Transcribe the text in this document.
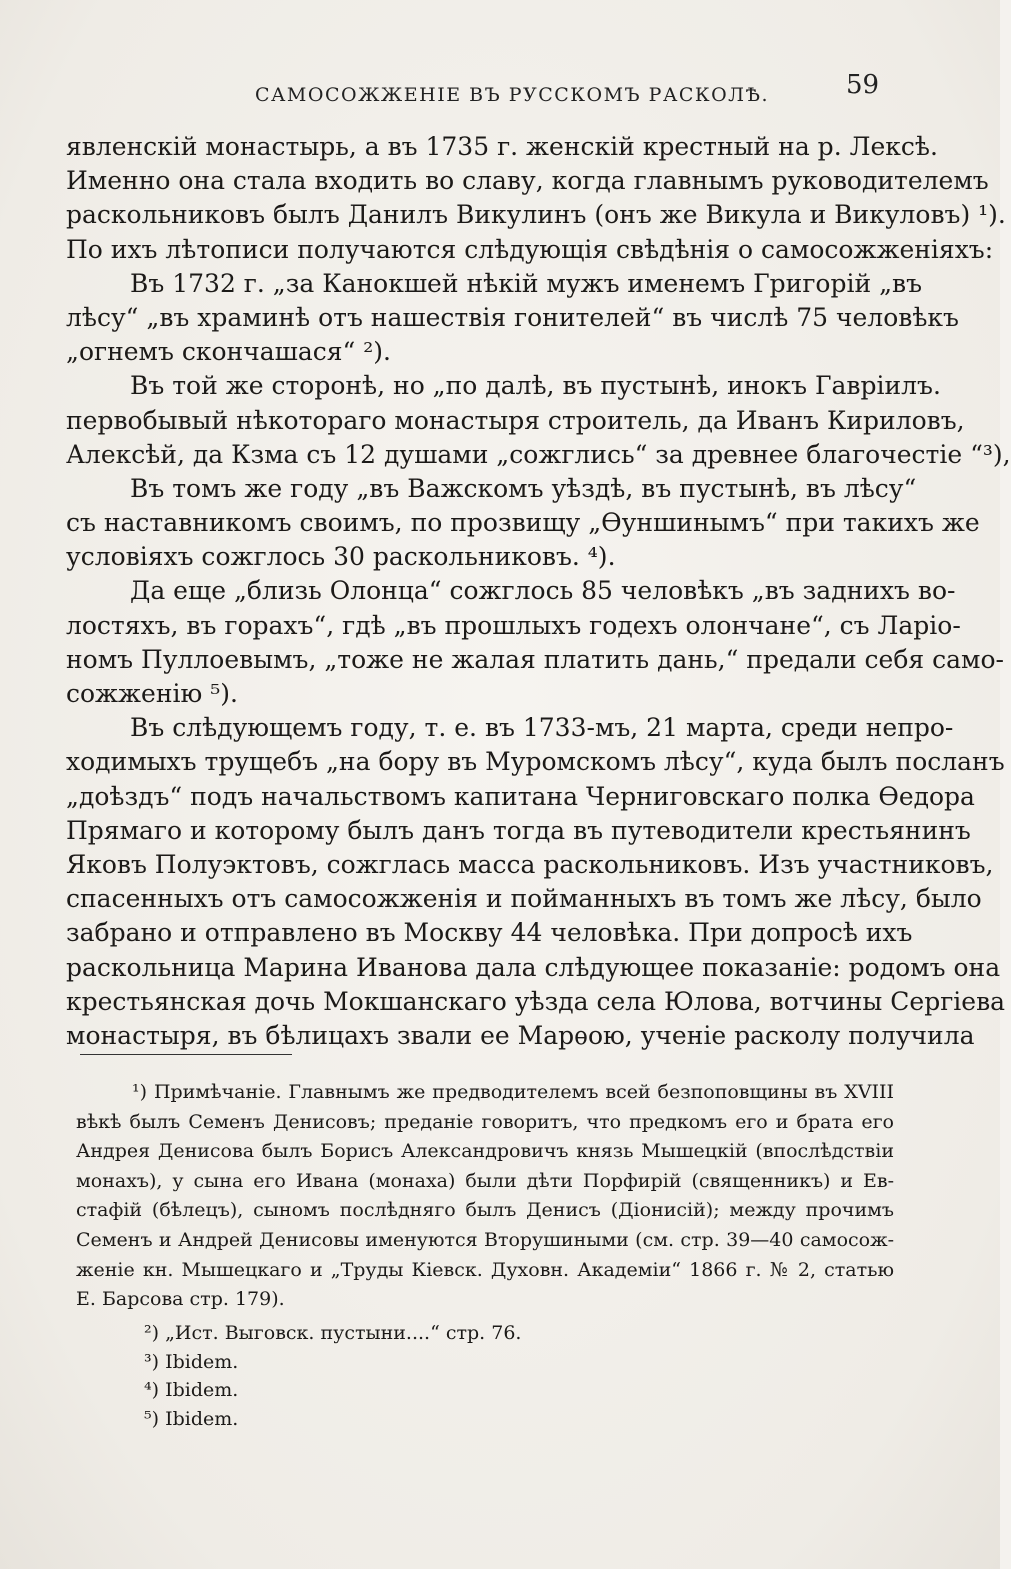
САМОСОЖЖЕНІЕ ВЪ РУССКОМЪ РАСКОЛѢ.	59
явленскій монастырь, а въ 1735 г. женскій крестный на р. Лексѣ.
Именно она стала входить во славу, когда главнымъ руководителемъ
раскольниковъ былъ Данилъ Викулинъ (онъ же Викула и Викуловъ) ¹).
По ихъ лѣтописи получаются слѣдующія свѣдѣнія о самосожженіяхъ:
Въ 1732 г. „за Канокшей нѣкій мужъ именемъ Григорій „въ
лѣсу“ „въ храминѣ отъ нашествія гонителей“ въ числѣ 75 человѣкъ
„огнемъ скончашася“ ²).
Въ той же сторонѣ, но „по далѣ, въ пустынѣ, инокъ Гавріилъ.
первобывый нѣкотораго монастыря строитель, да Иванъ Кириловъ,
Алексѣй, да Кзма съ 12 душами „сожглись“ за древнее благочестіе “³),
Въ томъ же году „въ Важскомъ уѣздѣ, въ пустынѣ, въ лѣсу“
съ наставникомъ своимъ, по прозвищу „Ѳуншинымъ“ при такихъ же
условіяхъ сожглось 30 раскольниковъ. ⁴).
Да еще „близь Олонца“ сожглось 85 человѣкъ „въ заднихъ во-
лостяхъ, въ горахъ“, гдѣ „въ прошлыхъ годехъ олончане“, съ Ларіо-
номъ Пуллоевымъ, „тоже не жалая платить дань,“ предали себя само-
сожженію ⁵).
Въ слѣдующемъ году, т. е. въ 1733-мъ, 21 марта, среди непро-
ходимыхъ трущебъ „на бору въ Муромскомъ лѣсу“, куда былъ посланъ
„доѣздъ“ подъ начальствомъ капитана Черниговскаго полка Ѳедора
Прямаго и которому былъ данъ тогда въ путеводители крестьянинъ
Яковъ Полуэктовъ, сожглась масса раскольниковъ. Изъ участниковъ,
спасенныхъ отъ самосожженія и пойманныхъ въ томъ же лѣсу, было
забрано и отправлено въ Москву 44 человѣка. При допросѣ ихъ
раскольница Марина Иванова дала слѣдующее показаніе: родомъ она
крестьянская дочь Мокшанскаго уѣзда села Юлова, вотчины Сергіева
монастыря, въ бѣлицахъ звали ее Марѳою, ученіе расколу получила
¹) Примѣчаніе. Главнымъ же предводителемъ всей безпоповщины въ XVIII
вѣкѣ былъ Семенъ Денисовъ; преданіе говоритъ, что предкомъ его и брата его
Андрея Денисова былъ Борисъ Александровичъ князь Мышецкій (впослѣдствіи
монахъ), у сына его Ивана (монаха) были дѣти Порфирій (священникъ) и Ев-
стафій (бѣлецъ), сыномъ послѣдняго былъ Денисъ (Діонисій); между прочимъ
Семенъ и Андрей Денисовы именуются Вторушиными (см. стр. 39—40 самосож-
женіе кн. Мышецкаго и „Труды Кіевск. Духовн. Академіи“ 1866 г. № 2, статью
Е. Барсова стр. 179).
²) „Ист. Выговск. пустыни....“ стр. 76.
³) Ibidem.
⁴) Ibidem.
⁵) Ibidem.
